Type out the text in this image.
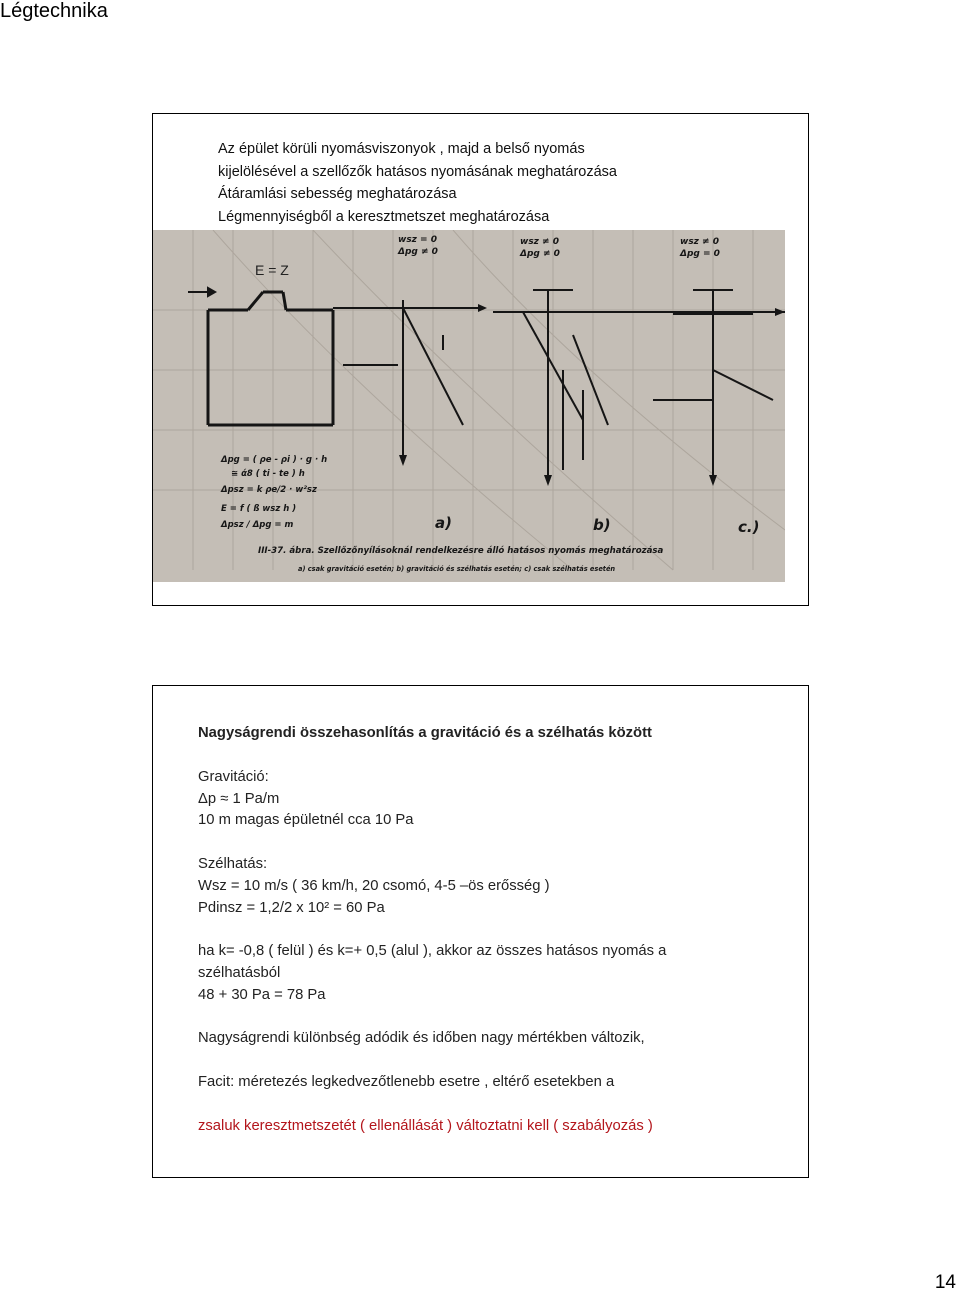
Légtechnika
Az épület körüli nyomásviszonyok , majd a belső nyomás
kijelölésével a szellőzők hatásos nyomásának meghatározása
Átáramlási sebesség meghatározása
Légmennyiségből a keresztmetszet meghatározása
wsz = 0
Δpg ≠ 0
wsz ≠ 0
Δpg ≠ 0
wsz ≠ 0
Δpg = 0
a)	b)	c.)
Δpg = ( ρe - ρi ) · g · h
≅ ά8 ( ti - te ) h
Δpsz = k ρe/2 · w²sz
E = f ( ß wsz h )
Δpsz / Δpg = m
III-37. ábra. Szellőzőnyílásoknál rendelkezésre álló hatásos nyomás meghatározása
a) csak gravitáció esetén; b) gravitáció és szélhatás esetén; c) csak szélhatás esetén
E = Z

Nagyságrendi összehasonlítás a gravitáció és a szélhatás között

Gravitáció:

Δp ≈ 1 Pa/m

10 m magas épületnél cca 10 Pa

Szélhatás:

Wsz = 10 m/s ( 36 km/h, 20 csomó, 4-5 –ös erősség )

Pdinsz = 1,2/2 x 10² = 60 Pa

ha k= -0,8 ( felül ) és k=+ 0,5 (alul ), akkor az összes hatásos nyomás a

szélhatásból

48 + 30 Pa = 78 Pa

Nagyságrendi különbség adódik és időben nagy mértékben változik,

Facit: méretezés legkedvezőtlenebb esetre , eltérő esetekben a

zsaluk keresztmetszetét ( ellenállását ) változtatni kell ( szabályozás )

14
